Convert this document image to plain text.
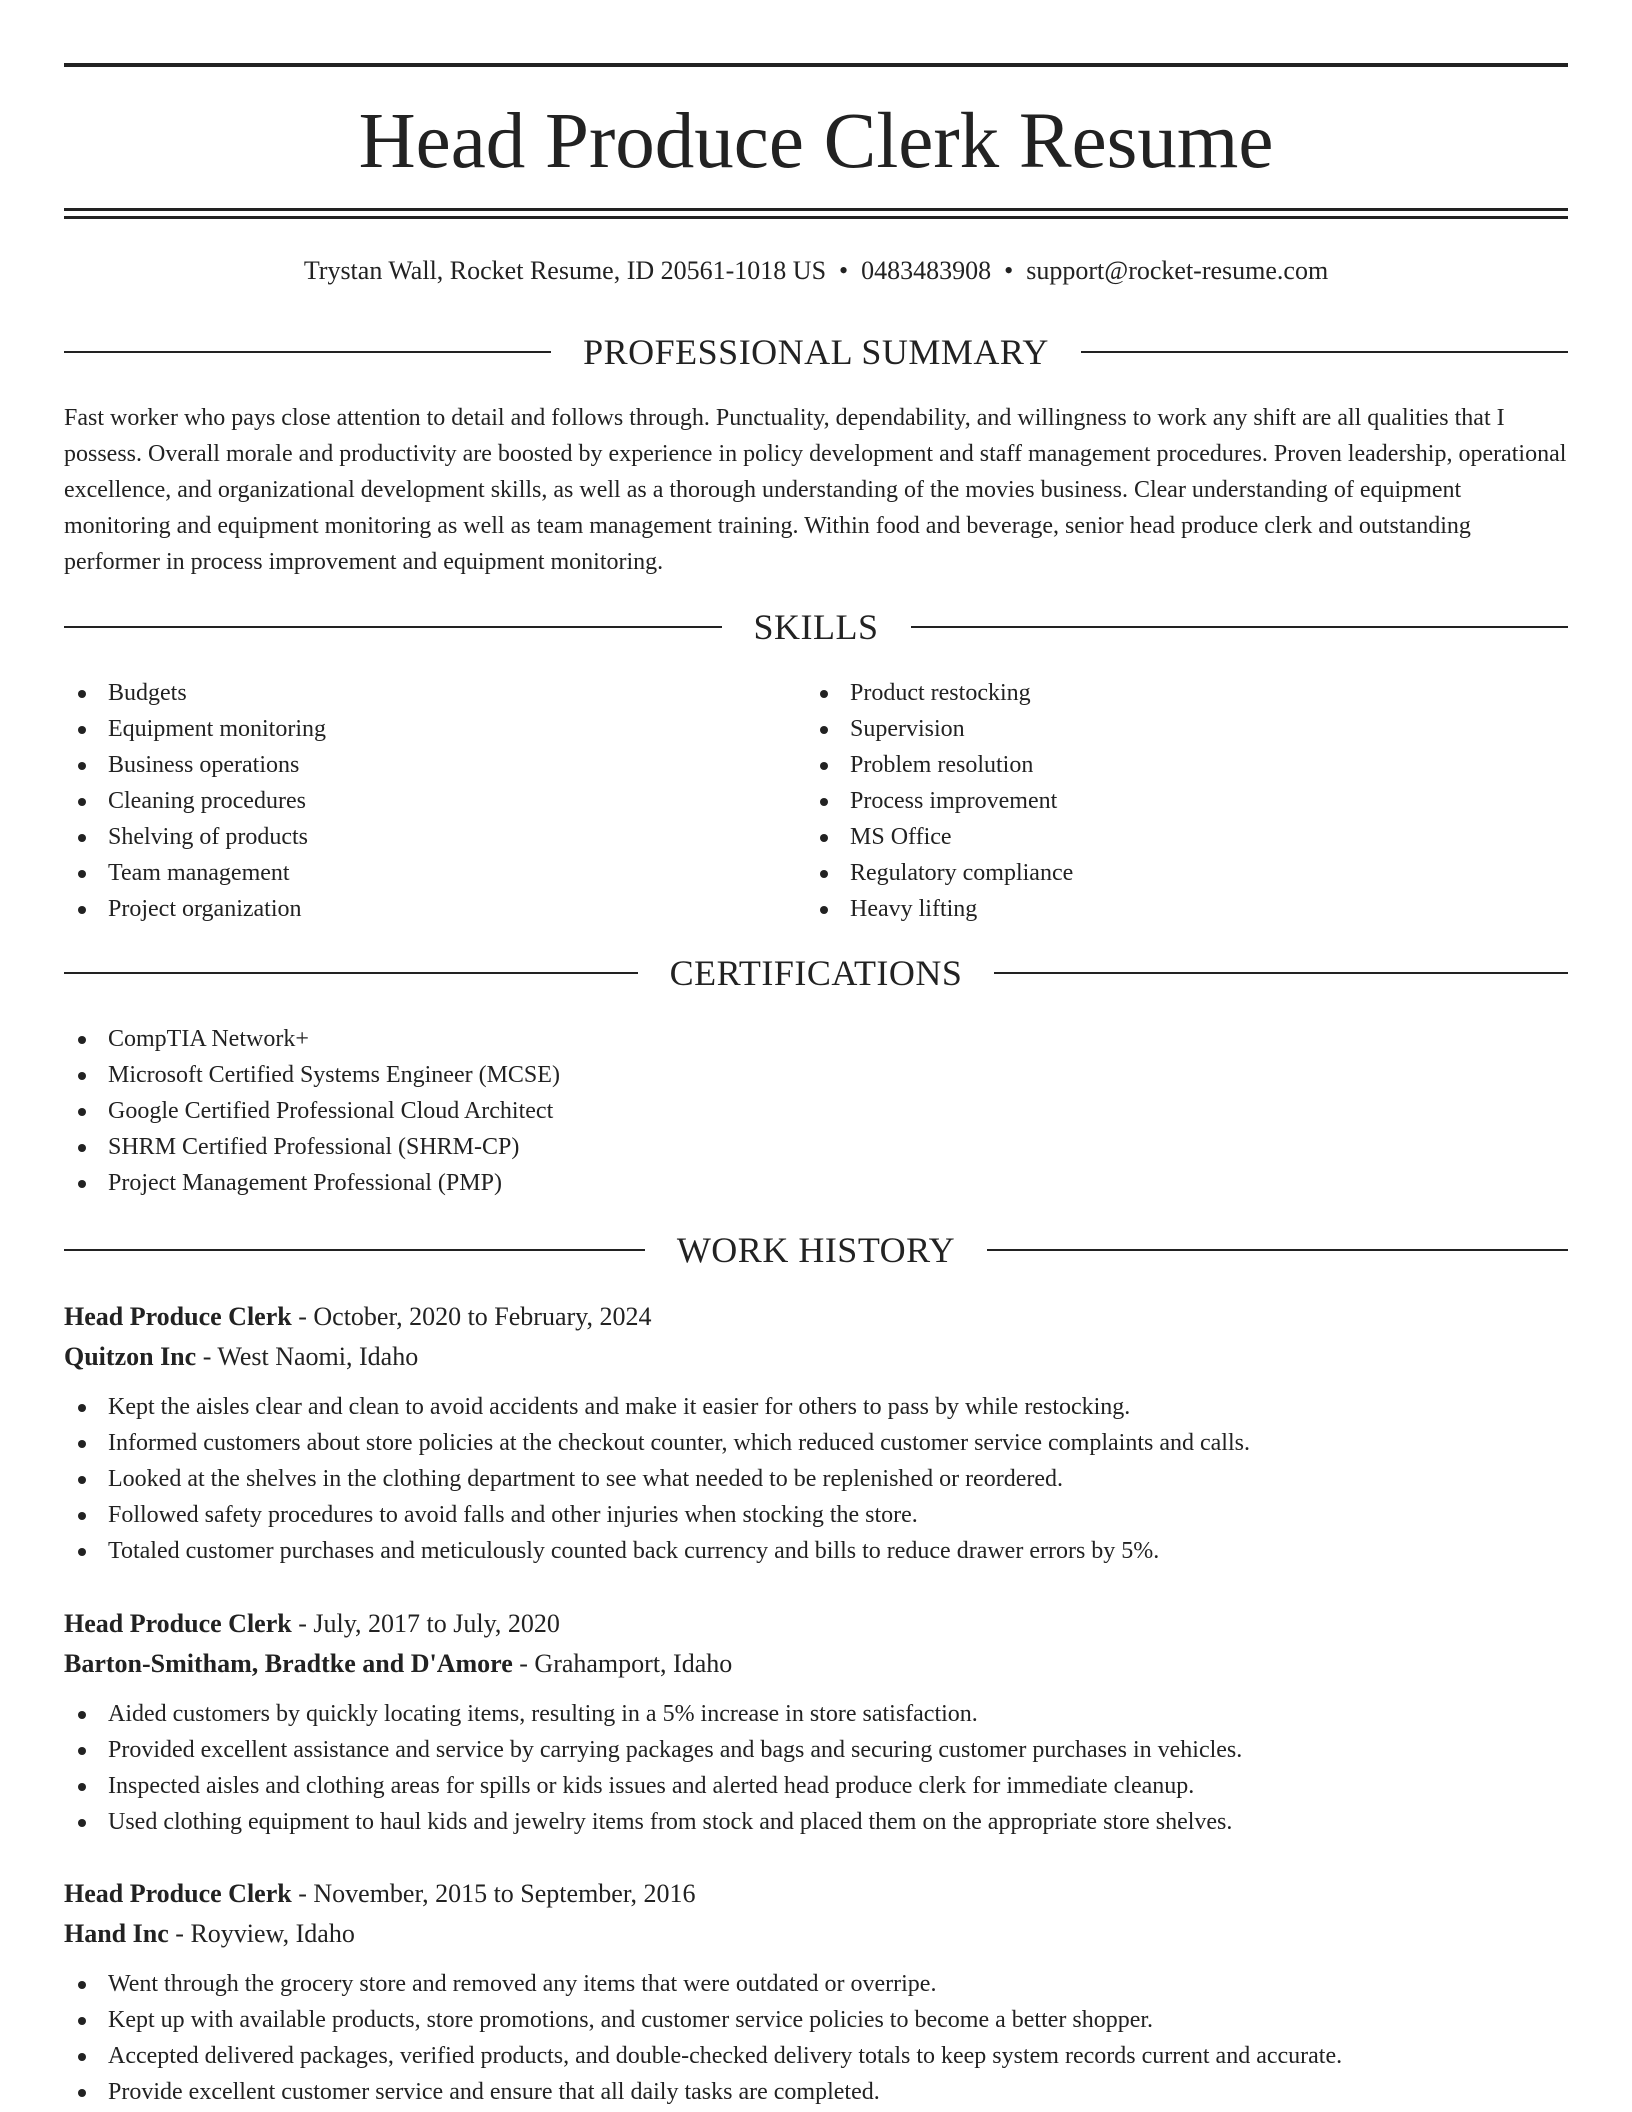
Head Produce Clerk Resume
Trystan Wall, Rocket Resume, ID 20561-1018 US • 0483483908 • support@rocket-resume.com
PROFESSIONAL SUMMARY

Fast worker who pays close attention to detail and follows through. Punctuality, dependability, and willingness to work any shift are all qualities that I possess. Overall morale and productivity are boosted by experience in policy development and staff management procedures. Proven leadership, operational excellence, and organizational development skills, as well as a thorough understanding of the movies business. Clear understanding of equipment monitoring and equipment monitoring as well as team management training. Within food and beverage, senior head produce clerk and outstanding performer in process improvement and equipment monitoring.

SKILLS
Budgets
Equipment monitoring
Business operations
Cleaning procedures
Shelving of products
Team management
Project organization
Product restocking
Supervision
Problem resolution
Process improvement
MS Office
Regulatory compliance
Heavy lifting
CERTIFICATIONS
CompTIA Network+
Microsoft Certified Systems Engineer (MCSE)
Google Certified Professional Cloud Architect
SHRM Certified Professional (SHRM-CP)
Project Management Professional (PMP)
WORK HISTORY
Head Produce Clerk - October, 2020 to February, 2024
Quitzon Inc - West Naomi, Idaho
Kept the aisles clear and clean to avoid accidents and make it easier for others to pass by while restocking.
Informed customers about store policies at the checkout counter, which reduced customer service complaints and calls.
Looked at the shelves in the clothing department to see what needed to be replenished or reordered.
Followed safety procedures to avoid falls and other injuries when stocking the store.
Totaled customer purchases and meticulously counted back currency and bills to reduce drawer errors by 5%.
Head Produce Clerk - July, 2017 to July, 2020
Barton-Smitham, Bradtke and D'Amore - Grahamport, Idaho
Aided customers by quickly locating items, resulting in a 5% increase in store satisfaction.
Provided excellent assistance and service by carrying packages and bags and securing customer purchases in vehicles.
Inspected aisles and clothing areas for spills or kids issues and alerted head produce clerk for immediate cleanup.
Used clothing equipment to haul kids and jewelry items from stock and placed them on the appropriate store shelves.
Head Produce Clerk - November, 2015 to September, 2016
Hand Inc - Royview, Idaho
Went through the grocery store and removed any items that were outdated or overripe.
Kept up with available products, store promotions, and customer service policies to become a better shopper.
Accepted delivered packages, verified products, and double-checked delivery totals to keep system records current and accurate.
Provide excellent customer service and ensure that all daily tasks are completed.
